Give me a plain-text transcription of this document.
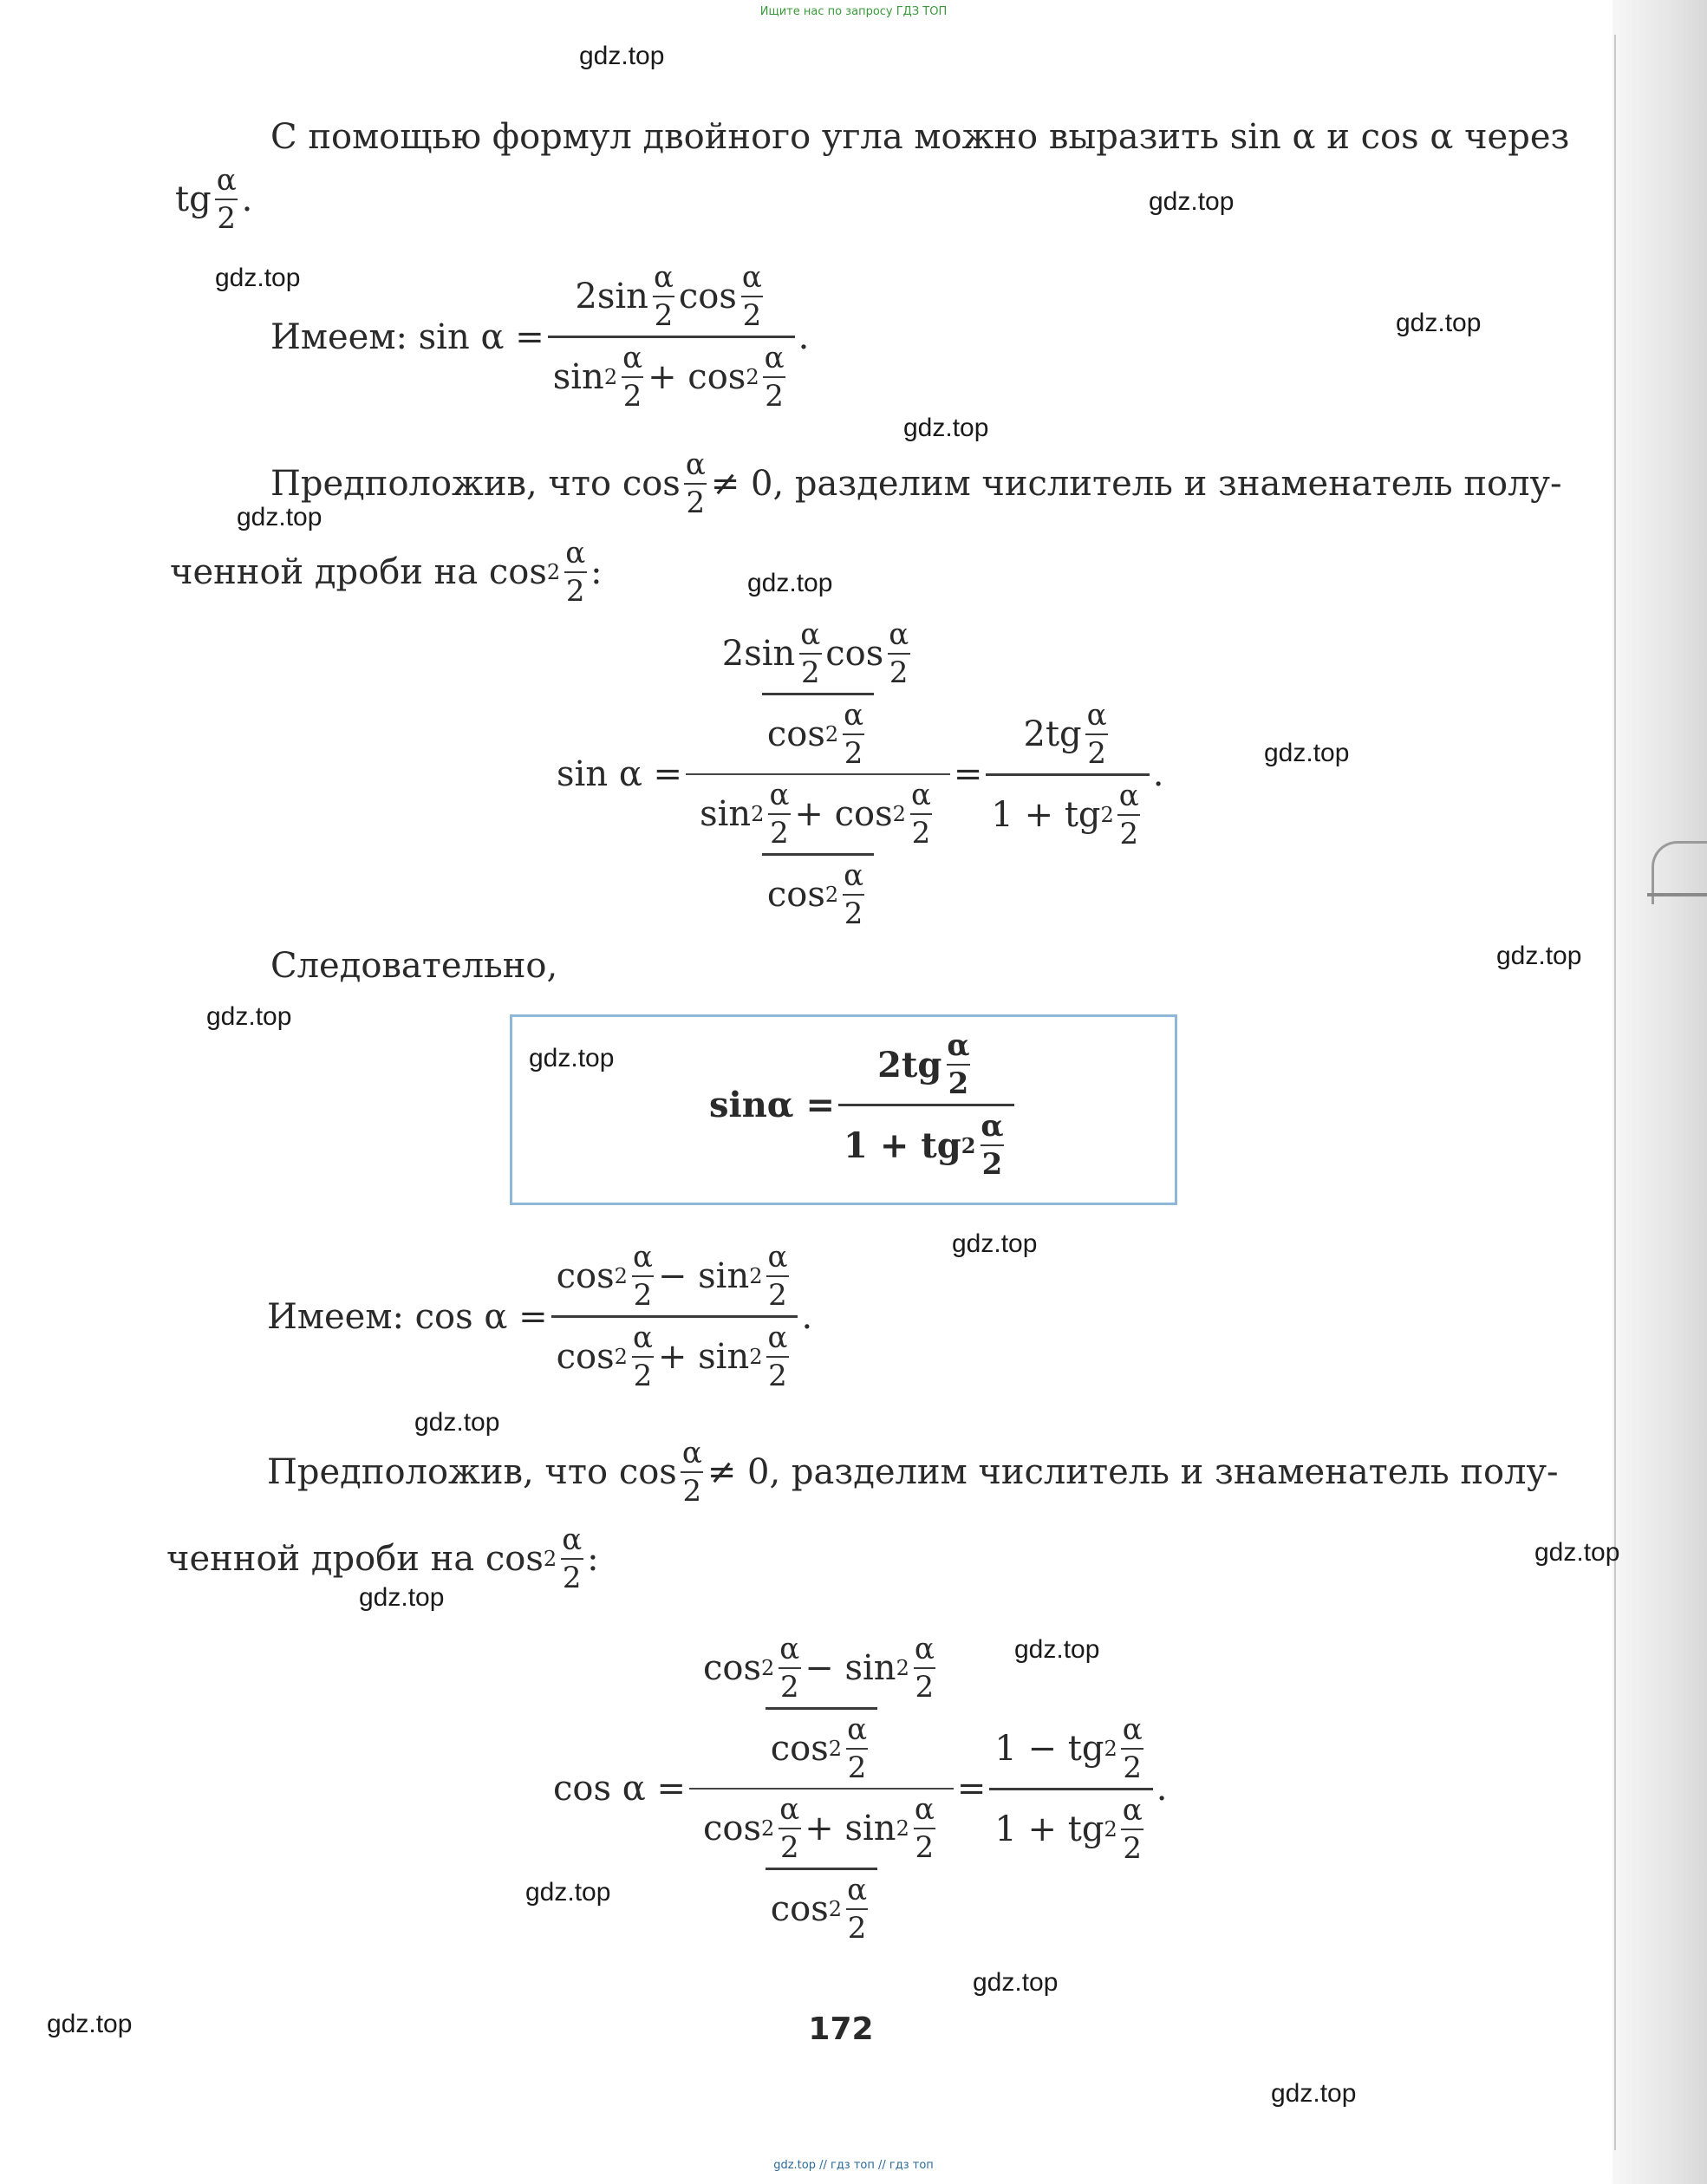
Ищите нас по запросу ГДЗ ТОП
gdz.top
gdz.top
gdz.top
gdz.top
gdz.top
gdz.top
gdz.top
gdz.top
gdz.top
gdz.top
gdz.top
gdz.top
gdz.top
gdz.top
gdz.top
gdz.top
gdz.top
gdz.top
gdz.top
gdz.top
С помощью формул двойного угла можно выразить sin α и cos α через
tg $\frac{\alpha}{2}$ .
Имеем:
sin
α
= 2 $\sin \frac{\alpha}{2}$ $\cos \frac{\alpha}{2}$
$\sin 2 \frac{\alpha}{2}$ +
$\cos 2 \frac{\alpha}{2}$ .
Предположив, что
$\cos \frac{\alpha}{2} \ne 0$,
разделим числитель и знаменатель полу-
ченной дроби на
$\cos 2 \frac{\alpha}{2}$ :
sin
α
=
$\frac{2 \sin \frac{\alpha}{2} \cos \frac{\alpha}{2}}{\cos 2 \frac{\alpha}{2}}$
$\sin 2 \frac{\alpha}{2}$ +
$\cos 2 \frac{\alpha}{2}$
$\cos 2 \frac{\alpha}{2}$
= 2 tg $\frac{\alpha}{2}$
1
+
tg $2 \frac{\alpha}{2}$ .
Следовательно,
sin α
= 2 tg $\frac{\alpha}{2}$
1
+
tg $2 \frac{\alpha}{2}$
Имеем:
cos
α
= $\cos 2 \frac{\alpha}{2}$ −
$\sin 2 \frac{\alpha}{2}$
$\cos 2 \frac{\alpha}{2}$ +
$\sin 2 \frac{\alpha}{2}$ .
Предположив, что
$\cos \frac{\alpha}{2} \ne 0$,
разделим числитель и знаменатель полу-
ченной дроби на
$\cos 2 \frac{\alpha}{2}$ :
cos
α
=
$\cos 2 \frac{\alpha}{2}$ −
$\sin 2 \frac{\alpha}{2}$
$\cos 2 \frac{\alpha}{2}$
$\cos 2 \frac{\alpha}{2}$ +
$\sin 2 \frac{\alpha}{2}$
$\cos 2 \frac{\alpha}{2}$
= 1
−
tg $2 \frac{\alpha}{2}$
1
+
tg $2 \frac{\alpha}{2}$ .
172
gdz.top // гдз топ // гдз топ
